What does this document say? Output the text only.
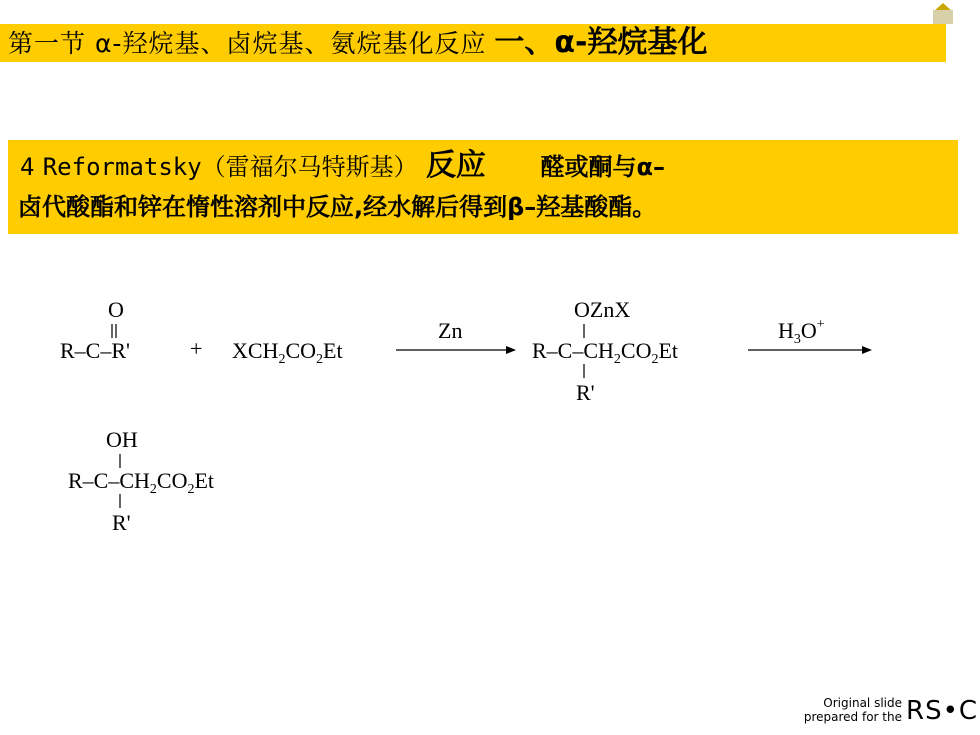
第一节 α-羟烷基、卤烷基、氨烷基化反应 一、α-羟烷基化
4 Reformatsky（雷福尔马特斯基） 反应 醛或酮与α–
卤代酸酯和锌在惰性溶剂中反应,经水解后得到β–羟基酸酯。
O
R–C–R'	+ $XCH_2CO_2Et$
Zn
OZnX
$R-C-CH_2CO_2Et$
R'
$H_3O^+$
OH
$R-C-CH_2CO_2Et$
R'
Original slide
prepared for the RS•C
